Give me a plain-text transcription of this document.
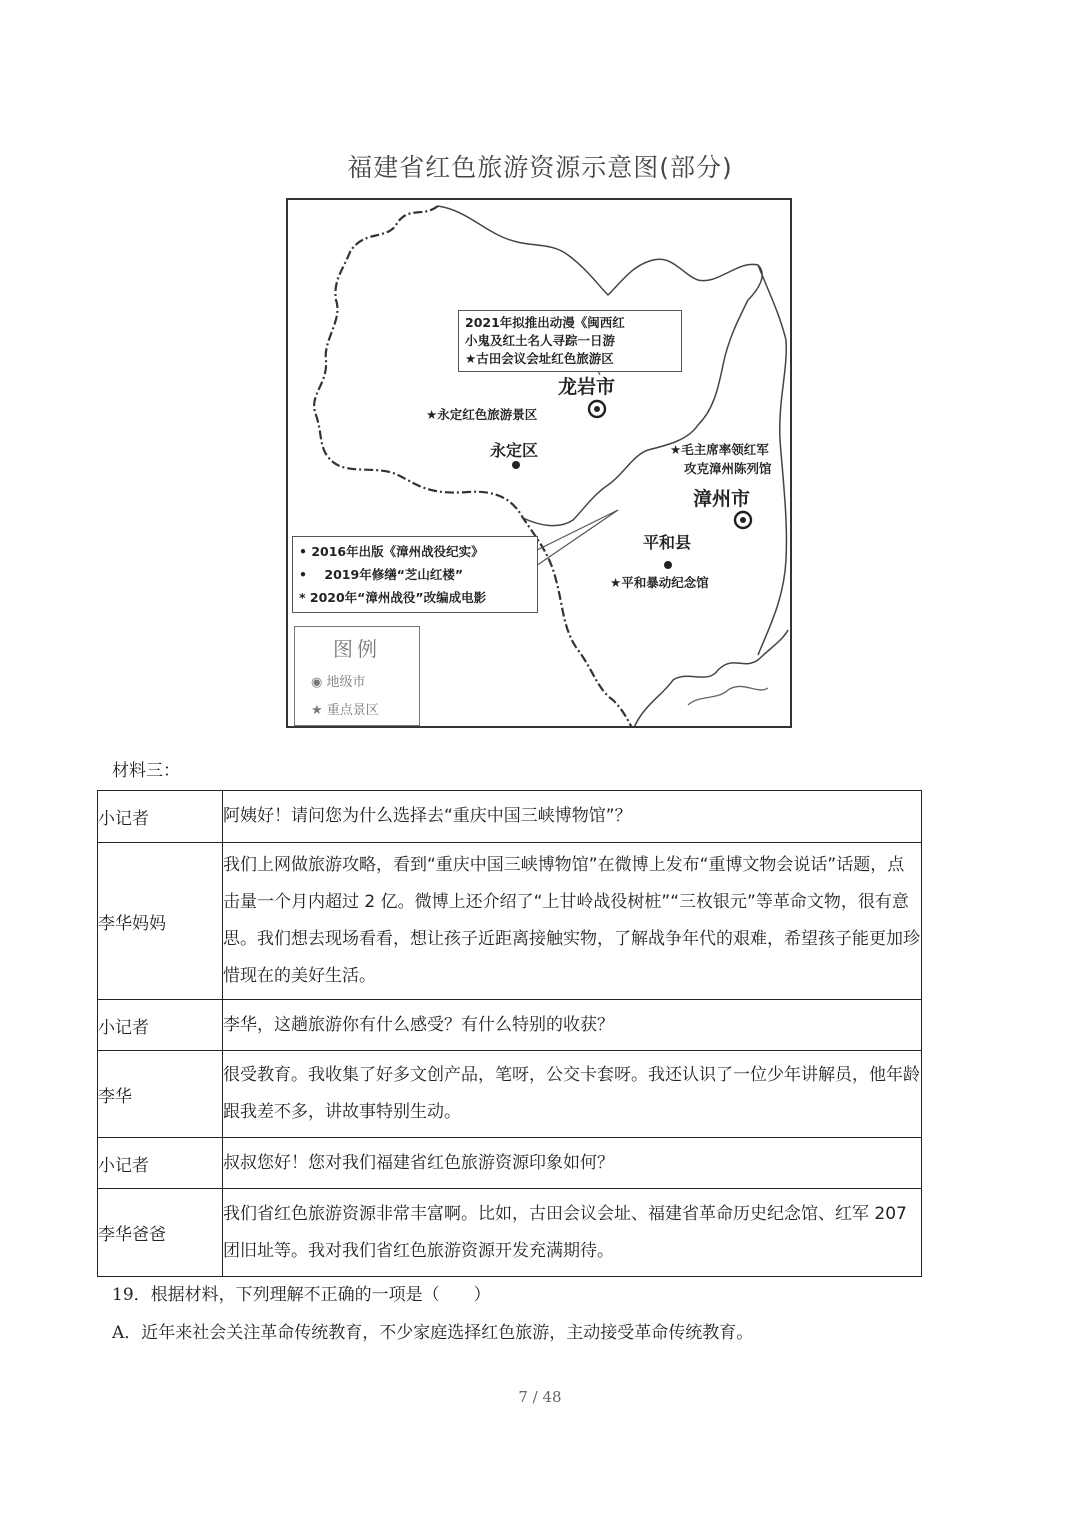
福建省红色旅游资源示意图(部分)
2021年拟推出动漫《闽西红
小鬼及红土名人寻踪一日游
★古田会议会址红色旅游区
龙岩市
★永定红色旅游景区
永定区	★毛主席率领红军
攻克漳州陈列馆
漳州市
平和县
★平和暴动纪念馆
• 2016年出版《漳州战役纪实》
•    2019年修缮“芝山红楼”
* 2020年“漳州战役”改编成电影
图例
◉ 地级市
★ 重点景区
材料三：
小记者	阿姨好！请问您为什么选择去“重庆中国三峡博物馆”？
李华妈妈	我们上网做旅游攻略，看到“重庆中国三峡博物馆”在微博上发布“重博文物会说话”话题，点击量一个月内超过 2 亿。微博上还介绍了“上甘岭战役树桩”“三枚银元”等革命文物，很有意思。我们想去现场看看，想让孩子近距离接触实物，了解战争年代的艰难，希望孩子能更加珍惜现在的美好生活。
小记者	李华，这趟旅游你有什么感受？有什么特别的收获？
李华	很受教育。我收集了好多文创产品，笔呀，公交卡套呀。我还认识了一位少年讲解员，他年龄跟我差不多，讲故事特别生动。
小记者	叔叔您好！您对我们福建省红色旅游资源印象如何？
李华爸爸	我们省红色旅游资源非常丰富啊。比如，古田会议会址、福建省革命历史纪念馆、红军 207 团旧址等。我对我们省红色旅游资源开发充满期待。
19．根据材料，下列理解不正确的一项是（　　）
A．近年来社会关注革命传统教育，不少家庭选择红色旅游，主动接受革命传统教育。
7 / 48
